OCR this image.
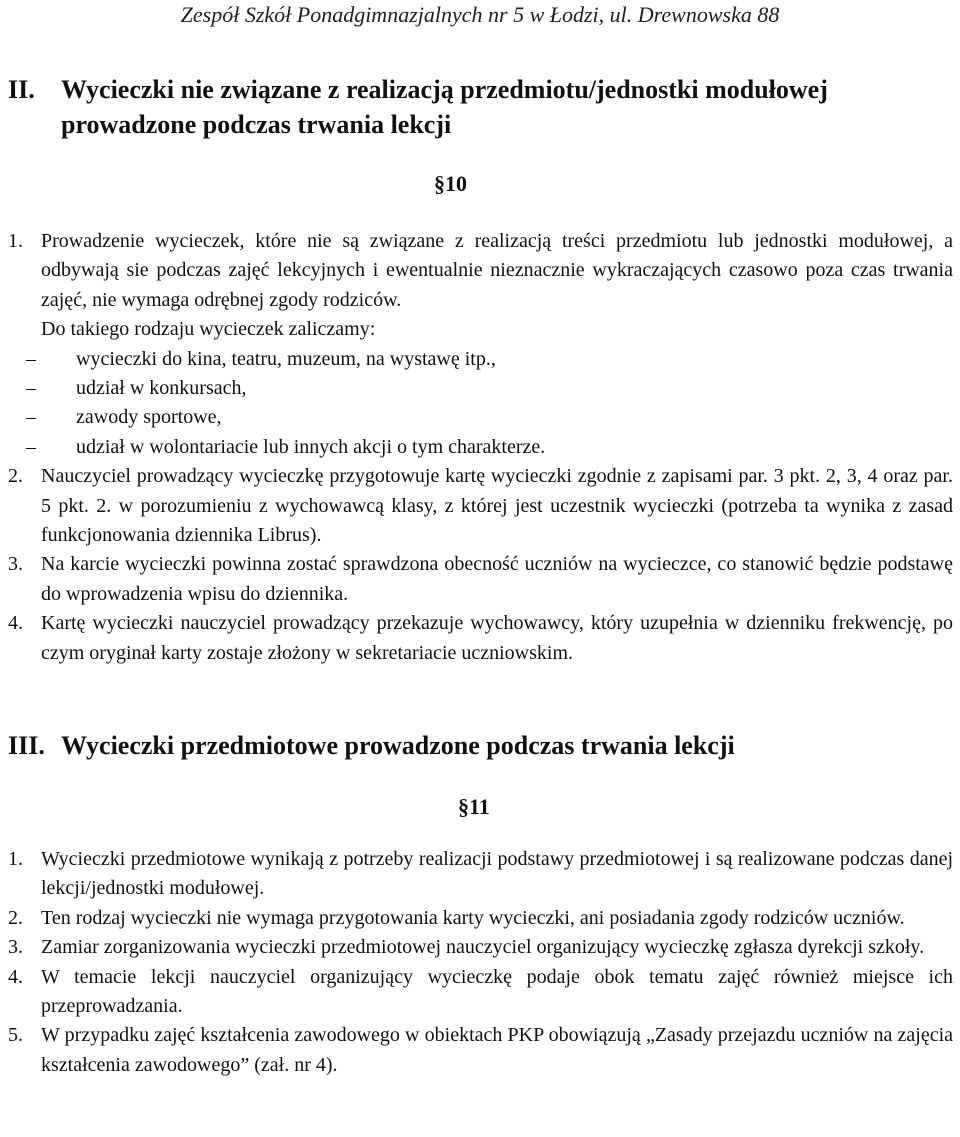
Zespół Szkół Ponadgimnazjalnych nr 5 w Łodzi, ul. Drewnowska 88
II.	Wycieczki nie związane z realizacją przedmiotu/jednostki modułowej prowadzone podczas trwania lekcji
§10
1. Prowadzenie wycieczek, które nie są związane z realizacją treści przedmiotu lub jednostki modułowej, a odbywają sie podczas zajęć lekcyjnych i ewentualnie nieznacznie wykraczających czasowo poza czas trwania zajęć, nie wymaga odrębnej zgody rodziców.
Do takiego rodzaju wycieczek zaliczamy:
– wycieczki do kina, teatru, muzeum, na wystawę itp.,
– udział w konkursach,
– zawody sportowe,
– udział w wolontariacie lub innych akcji o tym charakterze.
2. Nauczyciel prowadzący wycieczkę przygotowuje kartę wycieczki zgodnie z zapisami par. 3 pkt. 2, 3, 4 oraz par. 5 pkt. 2. w porozumieniu z wychowawcą klasy, z której jest uczestnik wycieczki (potrzeba ta wynika z zasad funkcjonowania dziennika Librus).
3. Na karcie wycieczki powinna zostać sprawdzona obecność uczniów na wycieczce, co stanowić będzie podstawę do wprowadzenia wpisu do dziennika.
4. Kartę wycieczki nauczyciel prowadzący przekazuje wychowawcy, który uzupełnia w dzienniku frekwencję, po czym oryginał karty zostaje złożony w sekretariacie uczniowskim.
III. Wycieczki przedmiotowe prowadzone podczas trwania lekcji
§11
1. Wycieczki przedmiotowe wynikają z potrzeby realizacji podstawy przedmiotowej i są realizowane podczas danej lekcji/jednostki modułowej.
2. Ten rodzaj wycieczki nie wymaga przygotowania karty wycieczki, ani posiadania zgody rodziców uczniów.
3. Zamiar zorganizowania wycieczki przedmiotowej nauczyciel organizujący wycieczkę zgłasza dyrekcji szkoły.
4. W temacie lekcji nauczyciel organizujący wycieczkę podaje obok tematu zajęć również miejsce ich przeprowadzania.
5. W przypadku zajęć kształcenia zawodowego w obiektach PKP obowiązują „Zasady przejazdu uczniów na zajęcia kształcenia zawodowego” (zał. nr 4).
